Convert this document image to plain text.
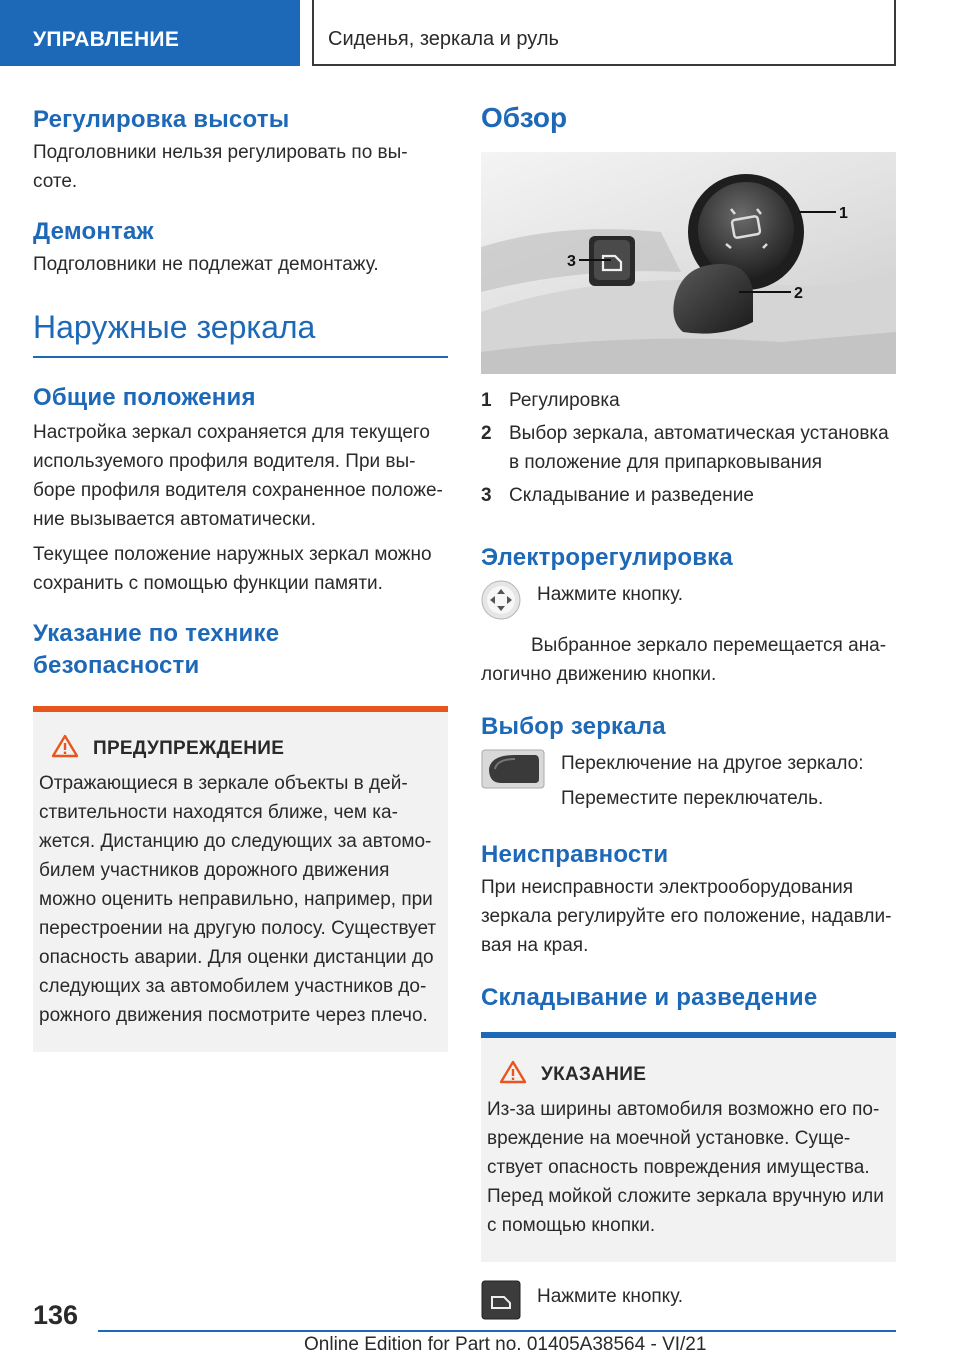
УПРАВЛЕНИЕ	Сиденья, зеркала и руль
Регулировка высоты

Подголовники нельзя регулировать по вы-
соте.

Демонтаж

Подголовники не подлежат демонтажу.

Наружные зеркала
Общие положения

Настройка зеркал сохраняется для текущего
используемого профиля водителя. При вы-
боре профиля водителя сохраненное положе-
ние вызывается автоматически.

Текущее положение наружных зеркал можно
сохранить с помощью функции памяти.

Указание по технике
безопасности
ПРЕДУПРЕЖДЕНИЕ

Отражающиеся в зеркале объекты в дей-
ствительности находятся ближе, чем ка-
жется. Дистанцию до следующих за автомо-
билем участников дорожного движения
можно оценить неправильно, например, при
перестроении на другую полосу. Существует
опасность аварии. Для оценки дистанции до
следующих за автомобилем участников до-
рожного движения посмотрите через плечо.

Обзор
1
2
3
1 Регулировка
2 Выбор зеркала, автоматическая установка
в положение для припарковывания
3 Складывание и разведение
Электрорегулировка

Нажмите кнопку.

Выбранное зеркало перемещается ана-
логично движению кнопки.

Выбор зеркала

Переключение на другое зеркало:

Переместите переключатель.

Неисправности

При неисправности электрооборудования
зеркала регулируйте его положение, надавли-
вая на края.

Складывание и разведение
УКАЗАНИЕ

Из-за ширины автомобиля возможно его по-
вреждение на моечной установке. Суще-
ствует опасность повреждения имущества.
Перед мойкой сложите зеркала вручную или
с помощью кнопки.

Нажмите кнопку.

136
Online Edition for Part no. 01405A38564 - VI/21
